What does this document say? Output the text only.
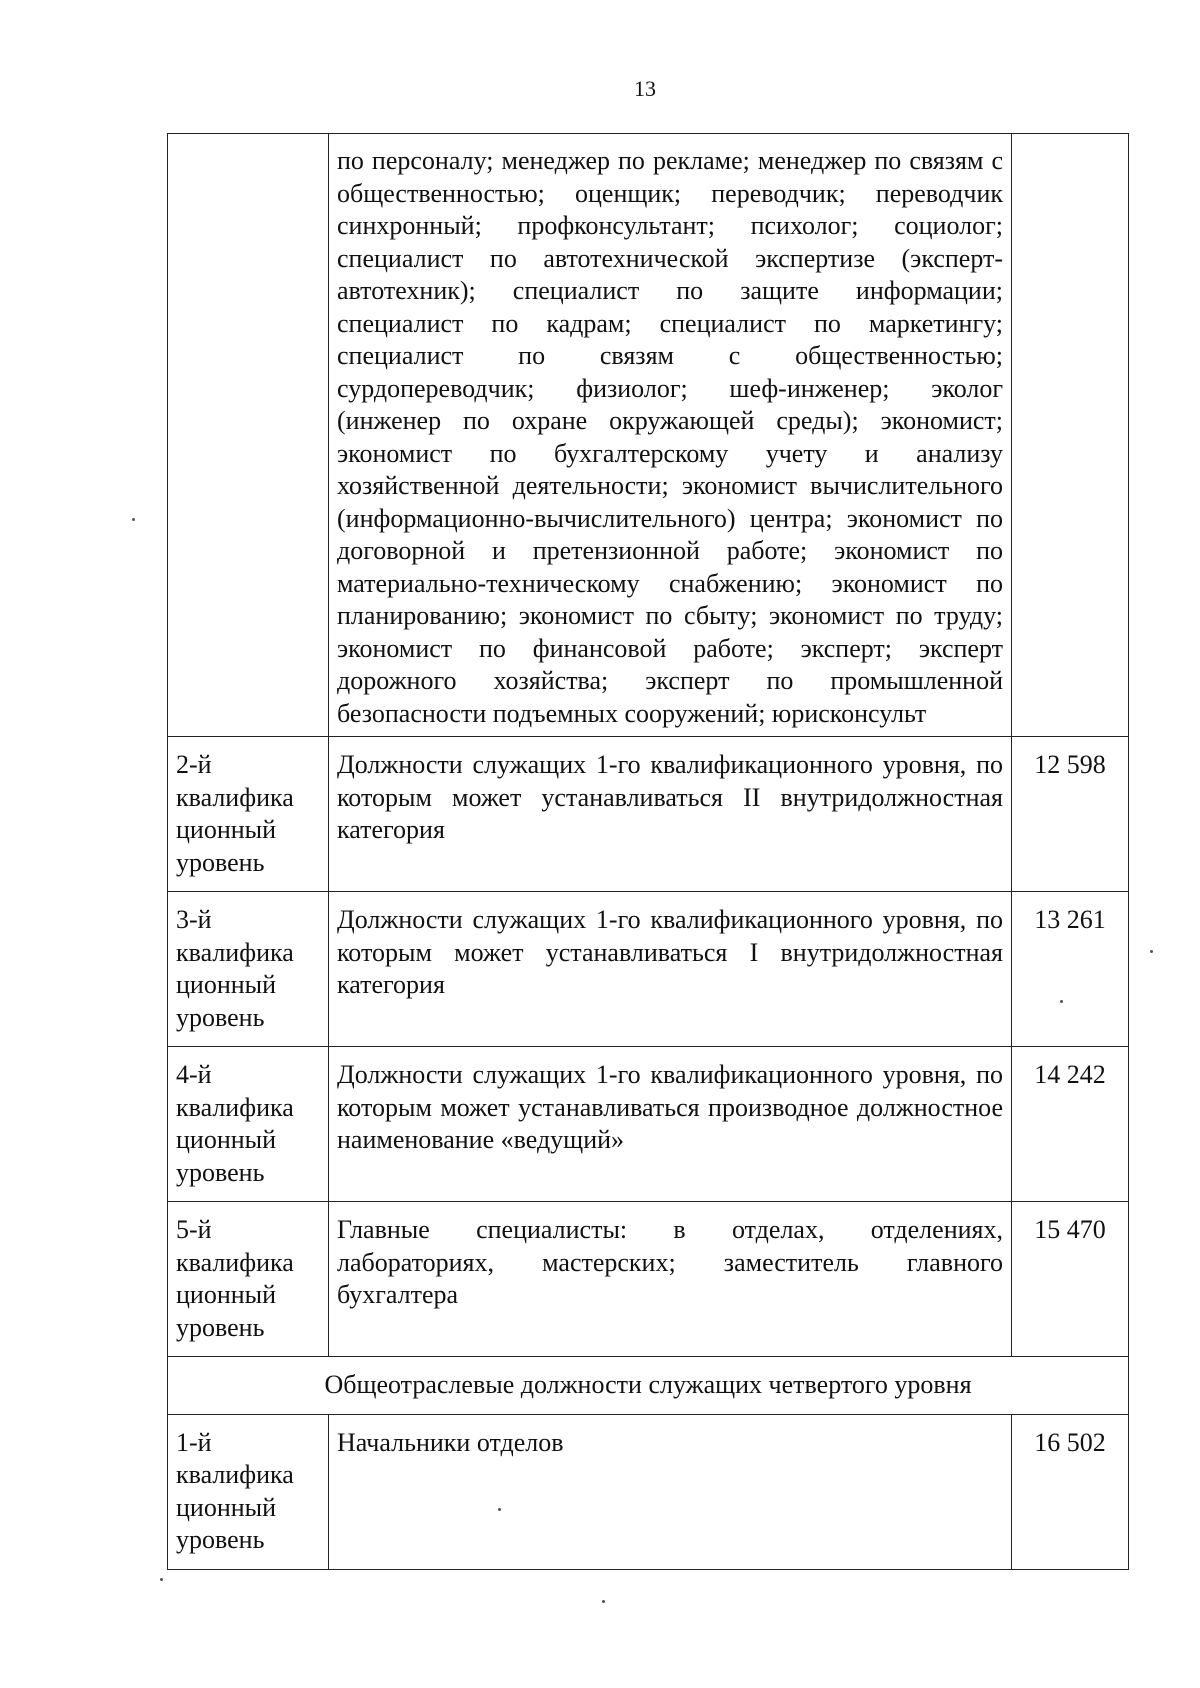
13
	по персоналу; менеджер по рекламе; менеджер по связям с общественностью; оценщик; переводчик; переводчик синхронный; профконсультант; психолог; социолог; специалист по автотехнической экспертизе (эксперт-автотехник); специалист по защите информации; специалист по кадрам; специалист по маркетингу; специалист по связям с общественностью; сурдопереводчик; физиолог; шеф-инженер; эколог (инженер по охране окружающей среды); экономист; экономист по бухгалтерскому учету и анализу хозяйственной деятельности; экономист вычислительного (информационно-вычислительного) центра; экономист по договорной и претензионной работе; экономист по материально-техническому снабжению; экономист по планированию; экономист по сбыту; экономист по труду; экономист по финансовой работе; эксперт; эксперт дорожного хозяйства; эксперт по промышленной безопасности подъемных сооружений; юрисконсульт	

2-й
квалифика
ционный
уровень	Должности служащих 1-го квалификационного уровня, по которым может устанавливаться II внутридолжностная категория	12 598

3-й
квалифика
ционный
уровень	Должности служащих 1-го квалификационного уровня, по которым может устанавливаться I внутридолжностная категория	13 261

4-й
квалифика
ционный
уровень	Должности служащих 1-го квалификационного уровня, по которым может устанавливаться производное должностное наименование «ведущий»	14 242

5-й
квалифика
ционный
уровень	Главные специалисты: в отделах, отделениях, лабораториях, мастерских; заместитель главного бухгалтера	15 470
Общеотраслевые должности служащих четвертого уровня		

1-й
квалифика
ционный
уровень	Начальники отделов	16 502
